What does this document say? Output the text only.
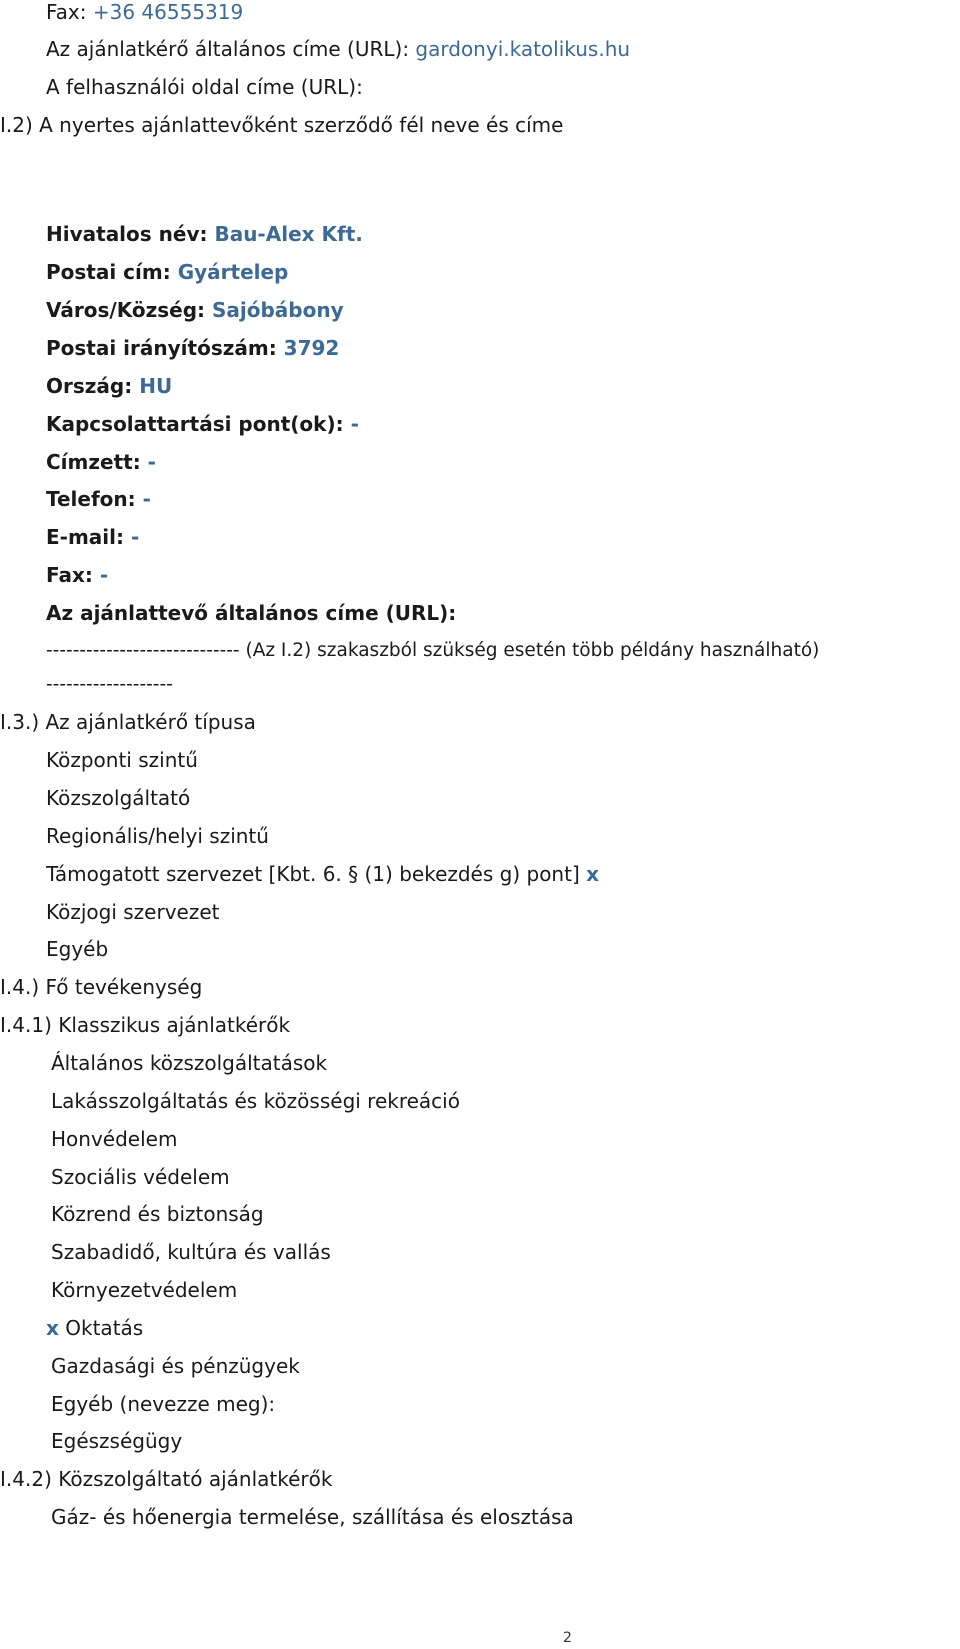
Fax: +36 46555319
Az ajánlatkérő általános címe (URL): gardonyi.katolikus.hu
A felhasználói oldal címe (URL):
I.2) A nyertes ajánlattevőként szerződő fél neve és címe
Hivatalos név: Bau-Alex Kft.
Postai cím: Gyártelep
Város/Község: Sajóbábony
Postai irányítószám: 3792
Ország: HU
Kapcsolattartási pont(ok): -
Címzett: -
Telefon: -
E-mail: -
Fax: -
Az ajánlattevő általános címe (URL):
----------------------------- (Az I.2) szakaszból szükség esetén több példány használható)
-------------------
I.3.) Az ajánlatkérő típusa
Központi szintű
Közszolgáltató
Regionális/helyi szintű
Támogatott szervezet [Kbt. 6. § (1) bekezdés g) pont] x
Közjogi szervezet
Egyéb
I.4.) Fő tevékenység
I.4.1) Klasszikus ajánlatkérők
Általános közszolgáltatások
Lakásszolgáltatás és közösségi rekreáció
Honvédelem
Szociális védelem
Közrend és biztonság
Szabadidő, kultúra és vallás
Környezetvédelem
x Oktatás
Gazdasági és pénzügyek
Egyéb (nevezze meg):
Egészségügy
I.4.2) Közszolgáltató ajánlatkérők
Gáz- és hőenergia termelése, szállítása és elosztása
2
